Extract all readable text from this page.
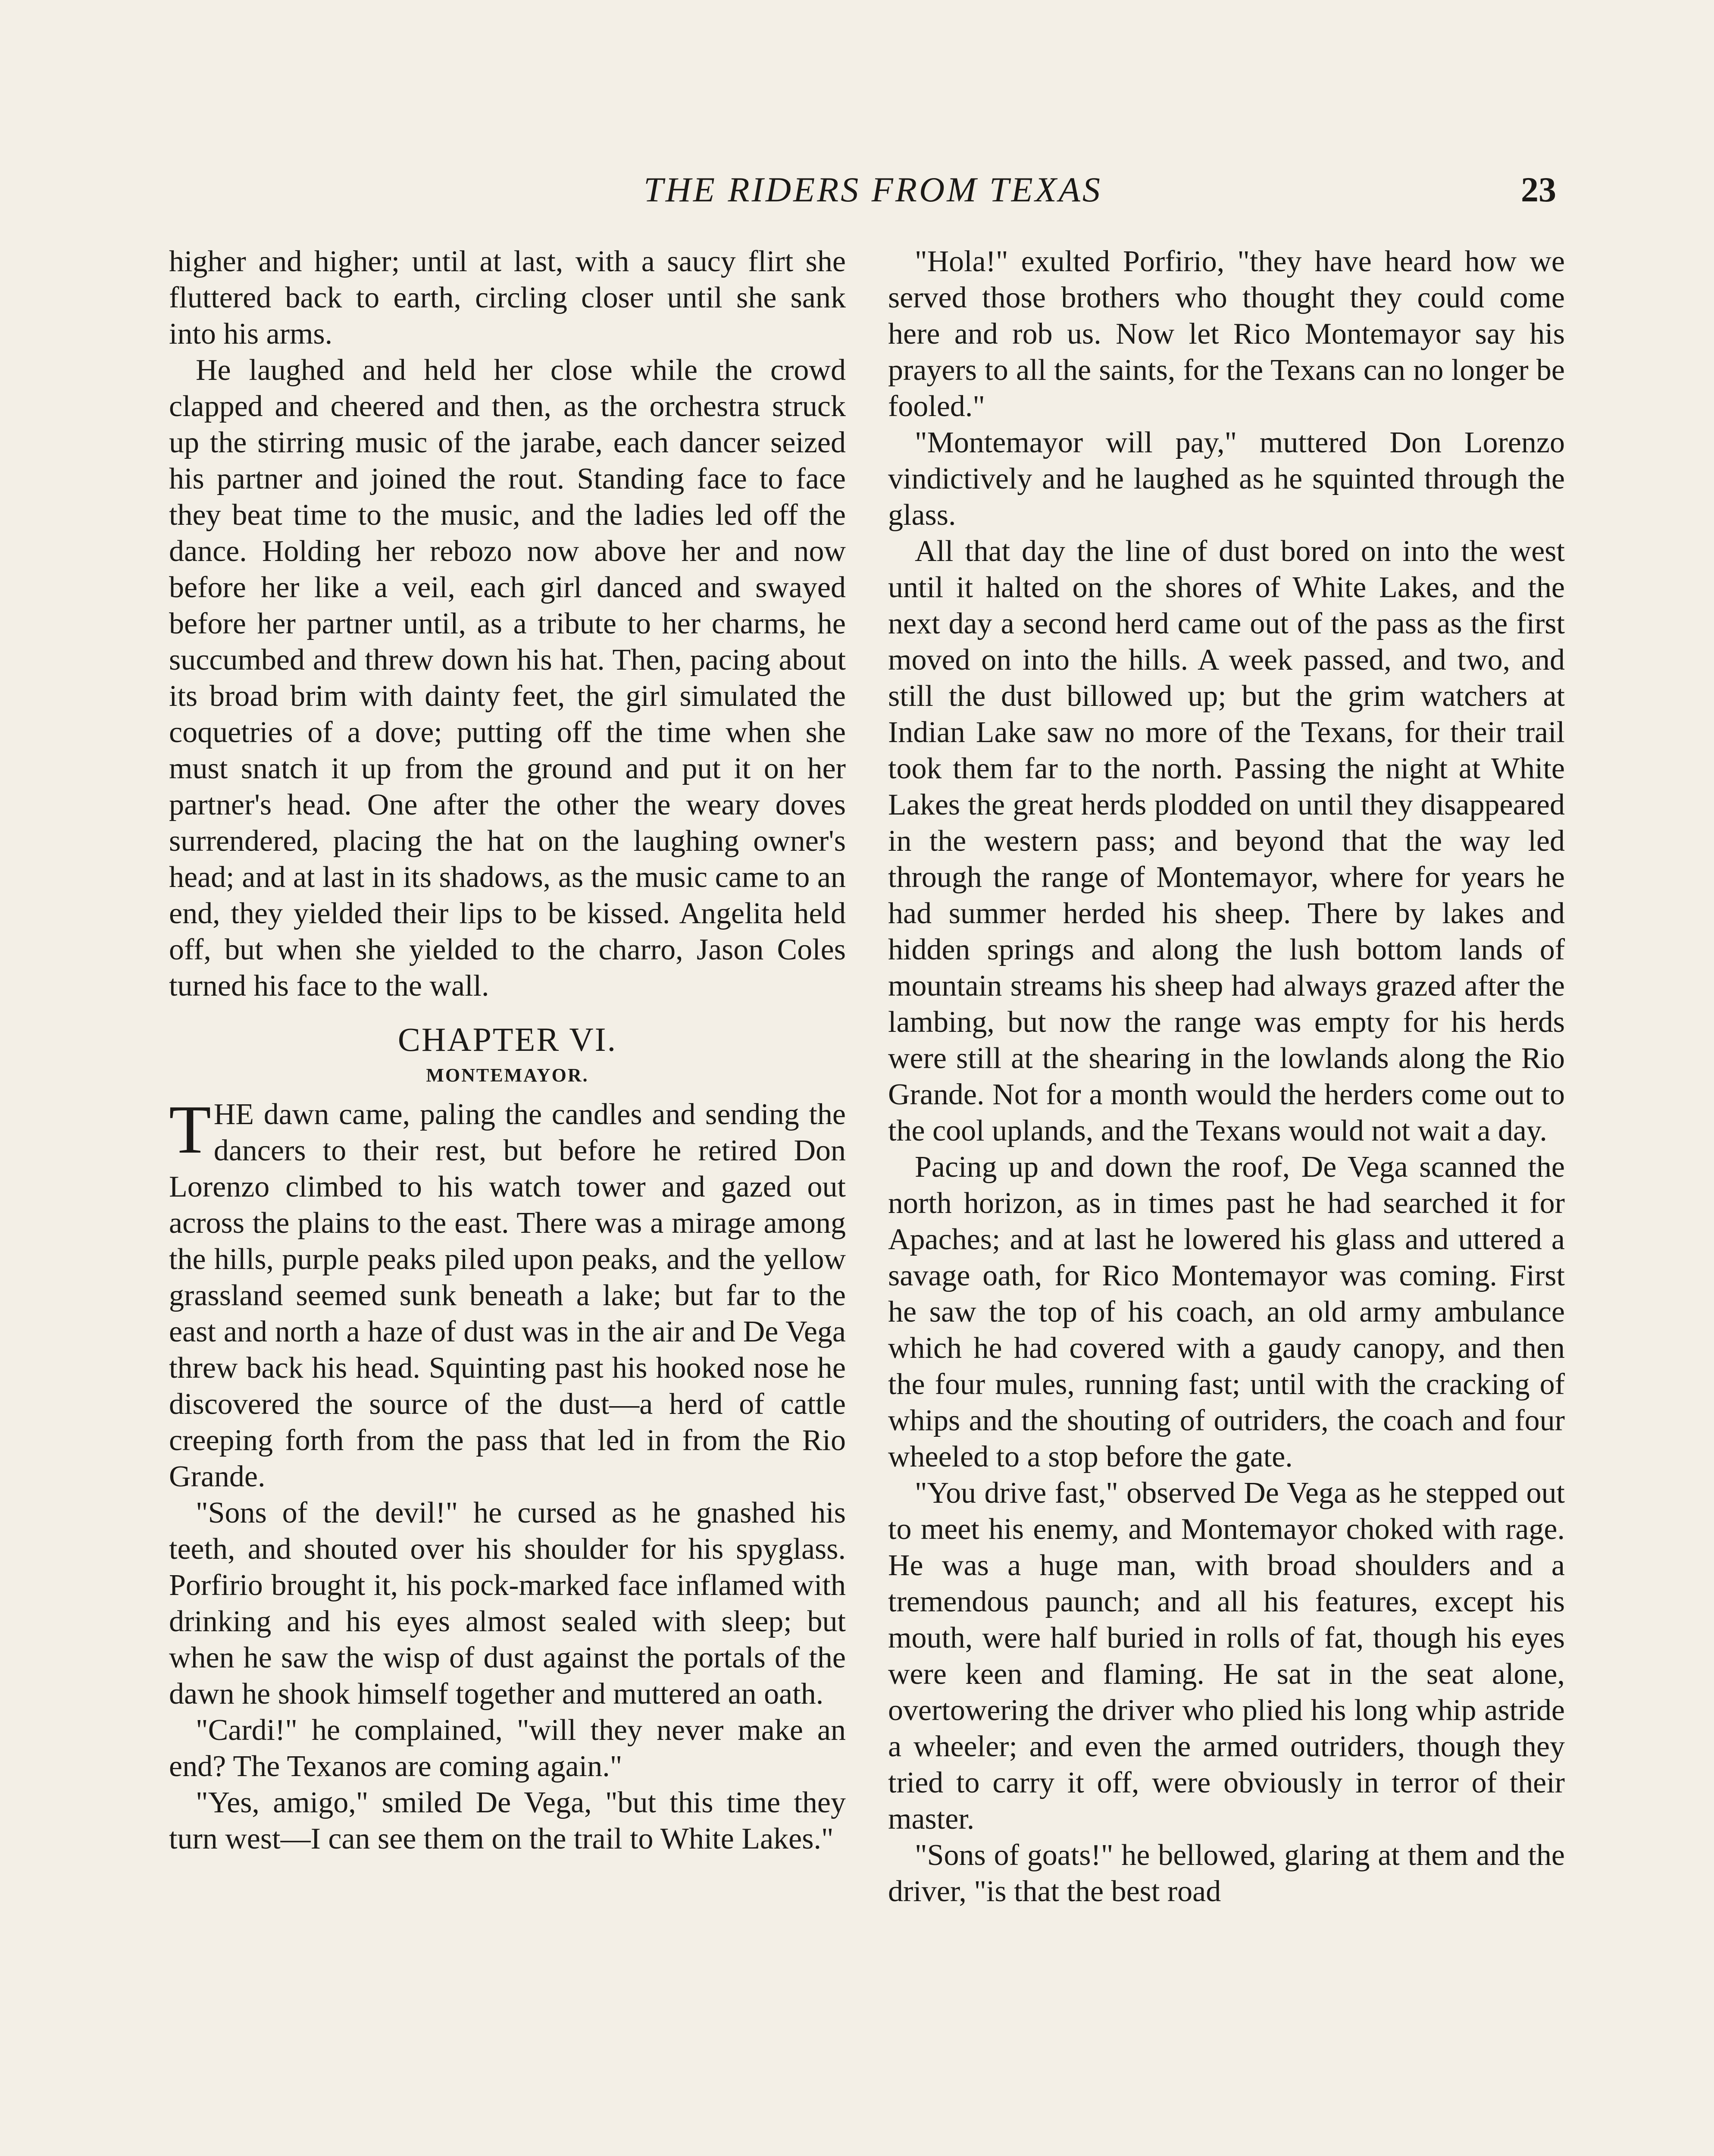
THE RIDERS FROM TEXAS	23

higher and higher; until at last, with a saucy flirt she fluttered back to earth, circling closer until she sank into his arms.

He laughed and held her close while the crowd clapped and cheered and then, as the orchestra struck up the stirring music of the jarabe, each dancer seized his partner and joined the rout. Standing face to face they beat time to the music, and the ladies led off the dance. Holding her rebozo now above her and now before her like a veil, each girl danced and swayed before her partner until, as a tribute to her charms, he succumbed and threw down his hat. Then, pacing about its broad brim with dainty feet, the girl simulated the coquetries of a dove; putting off the time when she must snatch it up from the ground and put it on her partner's head. One after the other the weary doves surrendered, placing the hat on the laughing owner's head; and at last in its shadows, as the music came to an end, they yielded their lips to be kissed. Angelita held off, but when she yielded to the charro, Jason Coles turned his face to the wall.

CHAPTER VI.
MONTEMAYOR.

THE dawn came, paling the candles and sending the dancers to their rest, but before he retired Don Lorenzo climbed to his watch tower and gazed out across the plains to the east. There was a mirage among the hills, purple peaks piled upon peaks, and the yellow grassland seemed sunk beneath a lake; but far to the east and north a haze of dust was in the air and De Vega threw back his head. Squinting past his hooked nose he discovered the source of the dust—a herd of cattle creeping forth from the pass that led in from the Rio Grande.

"Sons of the devil!" he cursed as he gnashed his teeth, and shouted over his shoulder for his spyglass. Porfirio brought it, his pock-marked face inflamed with drinking and his eyes almost sealed with sleep; but when he saw the wisp of dust against the portals of the dawn he shook himself together and muttered an oath.

"Cardi!" he complained, "will they never make an end? The Texanos are coming again."

"Yes, amigo," smiled De Vega, "but this time they turn west—I can see them on the trail to White Lakes."

"Hola!" exulted Porfirio, "they have heard how we served those brothers who thought they could come here and rob us. Now let Rico Montemayor say his prayers to all the saints, for the Texans can no longer be fooled."

"Montemayor will pay," muttered Don Lorenzo vindictively and he laughed as he squinted through the glass.

All that day the line of dust bored on into the west until it halted on the shores of White Lakes, and the next day a second herd came out of the pass as the first moved on into the hills. A week passed, and two, and still the dust billowed up; but the grim watchers at Indian Lake saw no more of the Texans, for their trail took them far to the north. Passing the night at White Lakes the great herds plodded on until they disappeared in the western pass; and beyond that the way led through the range of Montemayor, where for years he had summer herded his sheep. There by lakes and hidden springs and along the lush bottom lands of mountain streams his sheep had always grazed after the lambing, but now the range was empty for his herds were still at the shearing in the lowlands along the Rio Grande. Not for a month would the herders come out to the cool uplands, and the Texans would not wait a day.

Pacing up and down the roof, De Vega scanned the north horizon, as in times past he had searched it for Apaches; and at last he lowered his glass and uttered a savage oath, for Rico Montemayor was coming. First he saw the top of his coach, an old army ambulance which he had covered with a gaudy canopy, and then the four mules, running fast; until with the cracking of whips and the shouting of outriders, the coach and four wheeled to a stop before the gate.

"You drive fast," observed De Vega as he stepped out to meet his enemy, and Montemayor choked with rage. He was a huge man, with broad shoulders and a tremendous paunch; and all his features, except his mouth, were half buried in rolls of fat, though his eyes were keen and flaming. He sat in the seat alone, overtowering the driver who plied his long whip astride a wheeler; and even the armed outriders, though they tried to carry it off, were obviously in terror of their master.

"Sons of goats!" he bellowed, glaring at them and the driver, "is that the best road
